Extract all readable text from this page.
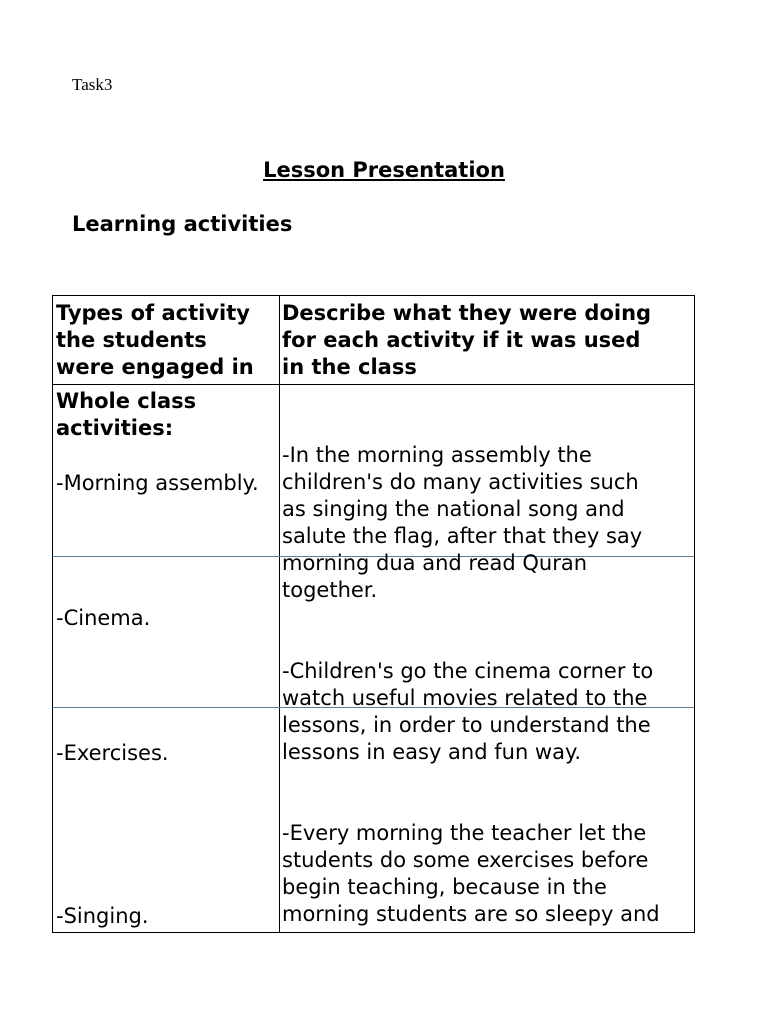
Task3
Lesson Presentation
Learning activities
Types of activity
the students
were engaged in
Describe what they were doing
for each activity if it was used
in the class
Whole class
activities:
-Morning assembly.
-Cinema.
-Exercises.
-Singing.
-In the morning assembly the
children's do many activities such
as singing the national song and
salute the flag, after that they say
morning dua and read Quran
together.
-Children's go the cinema corner to
watch useful movies related to the
lessons, in order to understand the
lessons in easy and fun way.
-Every morning the teacher let the
students do some exercises before
begin teaching, because in the
morning students are so sleepy and
